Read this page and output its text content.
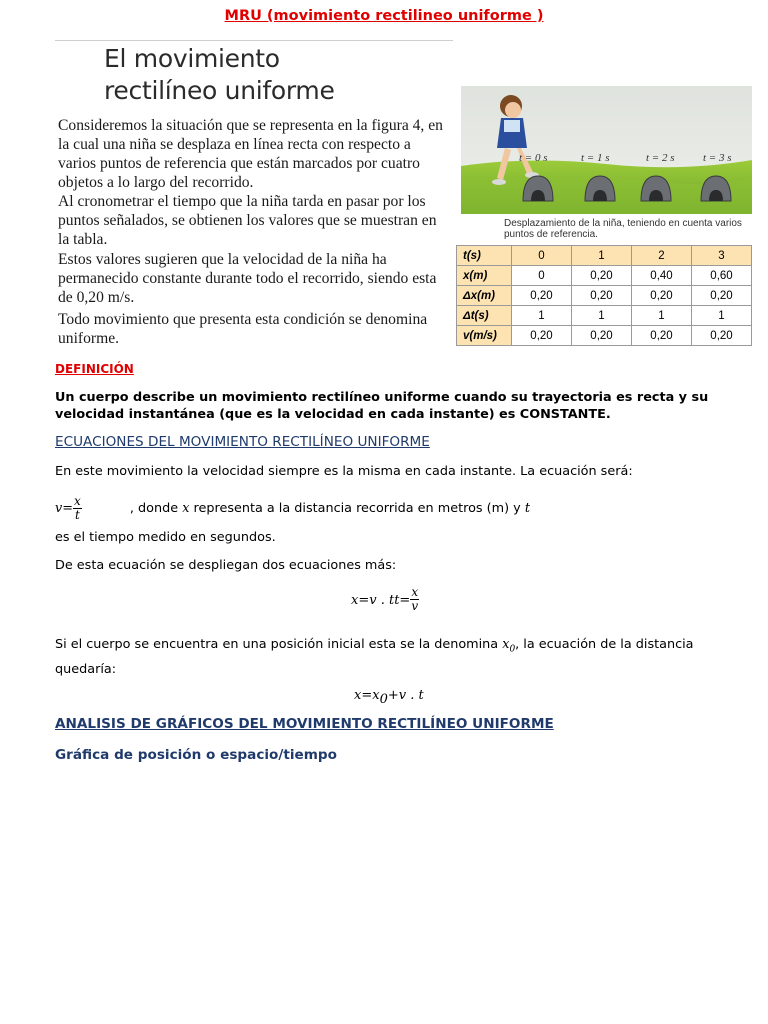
MRU (movimiento rectilineo uniforme )
El movimiento
rectilíneo uniforme

Consideremos la situación que se representa en la figura 4, en la cual una niña se desplaza en línea recta con respecto a varios puntos de referencia que están marcados por cuatro objetos a lo largo del recorrido.

Al cronometrar el tiempo que la niña tarda en pasar por los puntos señalados, se obtienen los valores que se muestran en la tabla.

Estos valores sugieren que la velocidad de la niña ha permanecido constante durante todo el recorrido, siendo esta de 0,20 m/s.

Todo movimiento que presenta esta condición se denomina uniforme.

t = 0 s	t = 1 s	t = 2 s	t = 3 s
Desplazamiento de la niña, teniendo en cuenta varios puntos de referencia.
t(s)	0	1	2	3
x(m)	0	0,20	0,40	0,60
Δx(m)	0,20	0,20	0,20	0,20
Δt(s)	1	1	1	1
v(m/s)	0,20	0,20	0,20	0,20
DEFINICIÓN
Un cuerpo describe un movimiento rectilíneo uniforme cuando su trayectoria es recta y su velocidad instantánea (que es la velocidad en cada instante) es CONSTANTE.
ECUACIONES DEL MOVIMIENTO RECTILÍNEO UNIFORME
En este movimiento la velocidad siempre es la misma en cada instante. La ecuación será:
$v= \frac{x}{t}$	, donde x representa a la distancia recorrida en metros (m) y t
es el tiempo medido en segundos.
De esta ecuación se despliegan dos ecuaciones más:
x=v . $tt= \frac{x}{v}$
Si el cuerpo se encuentra en una posición inicial esta se la denomina $x_0$, la ecuación de la distancia quedaría:
$x=x_0+v$ . t
ANALISIS DE GRÁFICOS DEL MOVIMIENTO RECTILÍNEO UNIFORME
Gráfica de posición o espacio/tiempo
